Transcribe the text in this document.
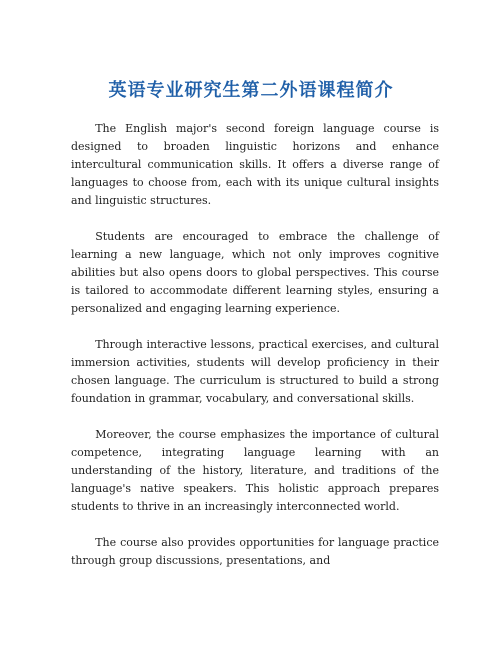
英语专业研究生第二外语课程简介

The English major's second foreign language course is designed to broaden linguistic horizons and enhance intercultural communication skills. It offers a diverse range of languages to choose from, each with its unique cultural insights and linguistic structures.

Students are encouraged to embrace the challenge of learning a new language, which not only improves cognitive abilities but also opens doors to global perspectives. This course is tailored to accommodate different learning styles, ensuring a personalized and engaging learning experience.

Through interactive lessons, practical exercises, and cultural immersion activities, students will develop proficiency in their chosen language. The curriculum is structured to build a strong foundation in grammar, vocabulary, and conversational skills.

Moreover, the course emphasizes the importance of cultural competence, integrating language learning with an understanding of the history, literature, and traditions of the language's native speakers. This holistic approach prepares students to thrive in an increasingly interconnected world.

The course also provides opportunities for language practice through group discussions, presentations, and
